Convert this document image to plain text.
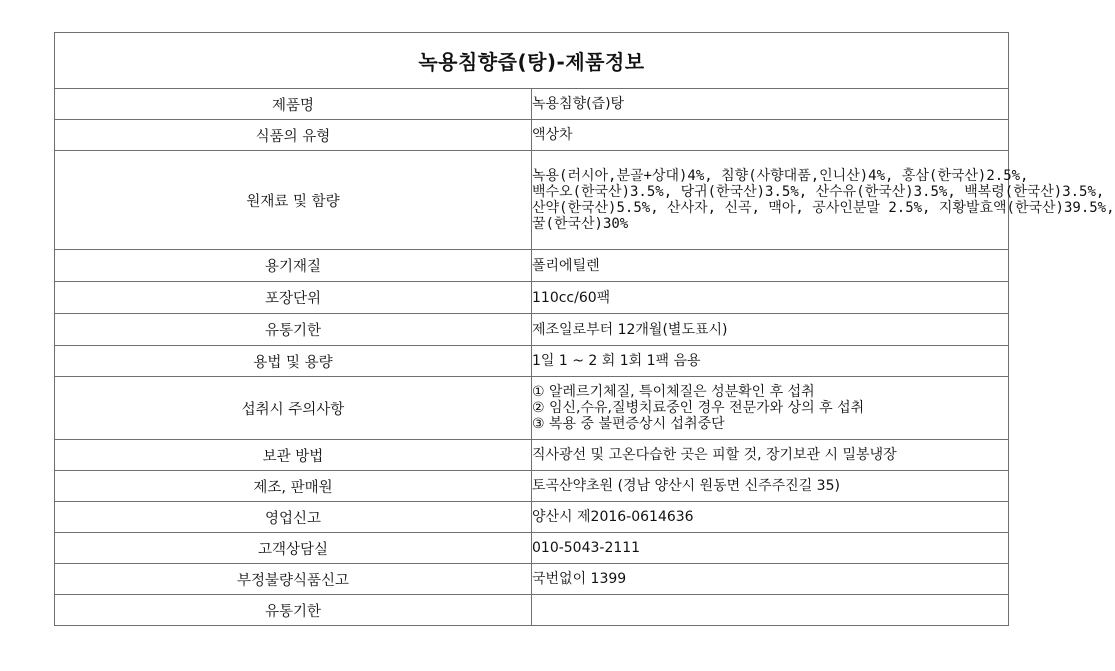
녹용침향즙(탕)-제품정보	
제품명	녹용침향(즙)탕
식품의 유형	액상차
원재료 및 함량	녹용(러시아,분골+상대)4%, 침향(사향대품,인니산)4%, 홍삼(한국산)2.5%,
백수오(한국산)3.5%, 당귀(한국산)3.5%, 산수유(한국산)3.5%, 백복령(한국산)3.5%,
산약(한국산)5.5%, 산사자, 신곡, 맥아, 공사인분말 2.5%, 지황발효액(한국산)39.5%,
꿀(한국산)30%

용기재질	폴리에틸렌
포장단위	110cc/60팩
유통기한	제조일로부터 12개월(별도표시)
용법 및 용량	1일 1 ~ 2 회 1회 1팩 음용
섭취시 주의사항	① 알레르기체질, 특이체질은 성분확인 후 섭취
② 임신,수유,질병치료중인 경우 전문가와 상의 후 섭취
③ 복용 중 불편증상시 섭취중단

보관 방법	직사광선 및 고온다습한 곳은 피할 것, 장기보관 시 밀봉냉장
제조, 판매원	토곡산약초원 (경남 양산시 원동면 신주주진길 35)
영업신고	양산시 제2016-0614636
고객상담실	010-5043-2111
부정불량식품신고	국번없이 1399
유통기한	
